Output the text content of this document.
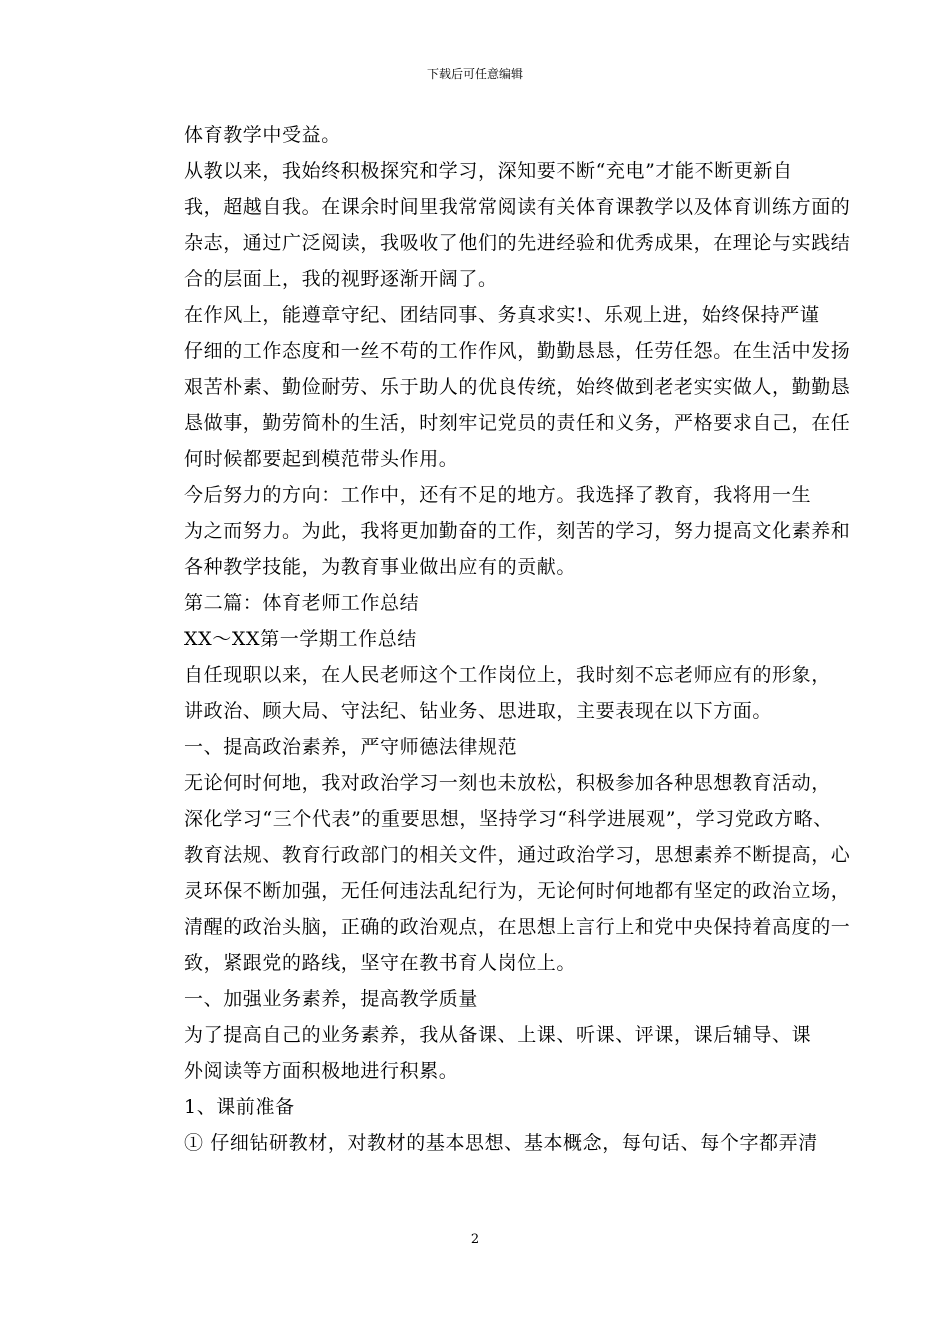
下载后可任意编辑

体育教学中受益。

从教以来，我始终积极探究和学习，深知要不断“充电”才能不断更新自
我，超越自我。在课余时间里我常常阅读有关体育课教学以及体育训练方面的
杂志，通过广泛阅读，我吸收了他们的先进经验和优秀成果，在理论与实践结
合的层面上，我的视野逐渐开阔了。

在作风上，能遵章守纪、团结同事、务真求实!、乐观上进，始终保持严谨
仔细的工作态度和一丝不苟的工作作风，勤勤恳恳，任劳任怨。在生活中发扬
艰苦朴素、勤俭耐劳、乐于助人的优良传统，始终做到老老实实做人，勤勤恳
恳做事，勤劳简朴的生活，时刻牢记党员的责任和义务，严格要求自己，在任
何时候都要起到模范带头作用。

今后努力的方向：工作中，还有不足的地方。我选择了教育，我将用一生
为之而努力。为此，我将更加勤奋的工作，刻苦的学习，努力提高文化素养和
各种教学技能，为教育事业做出应有的贡献。

第二篇：体育老师工作总结

XX～XX第一学期工作总结

自任现职以来，在人民老师这个工作岗位上，我时刻不忘老师应有的形象，
讲政治、顾大局、守法纪、钻业务、思进取，主要表现在以下方面。

一、提高政治素养，严守师德法律规范

无论何时何地，我对政治学习一刻也未放松，积极参加各种思想教育活动，
深化学习“三个代表”的重要思想，坚持学习“科学进展观”，学习党政方略、
教育法规、教育行政部门的相关文件，通过政治学习，思想素养不断提高，心
灵环保不断加强，无任何违法乱纪行为，无论何时何地都有坚定的政治立场，
清醒的政治头脑，正确的政治观点，在思想上言行上和党中央保持着高度的一
致，紧跟党的路线，坚守在教书育人岗位上。

一、加强业务素养，提高教学质量

为了提高自己的业务素养，我从备课、上课、听课、评课，课后辅导、课
外阅读等方面积极地进行积累。

1、课前准备

① 仔细钻研教材，对教材的基本思想、基本概念，每句话、每个字都弄清

2
